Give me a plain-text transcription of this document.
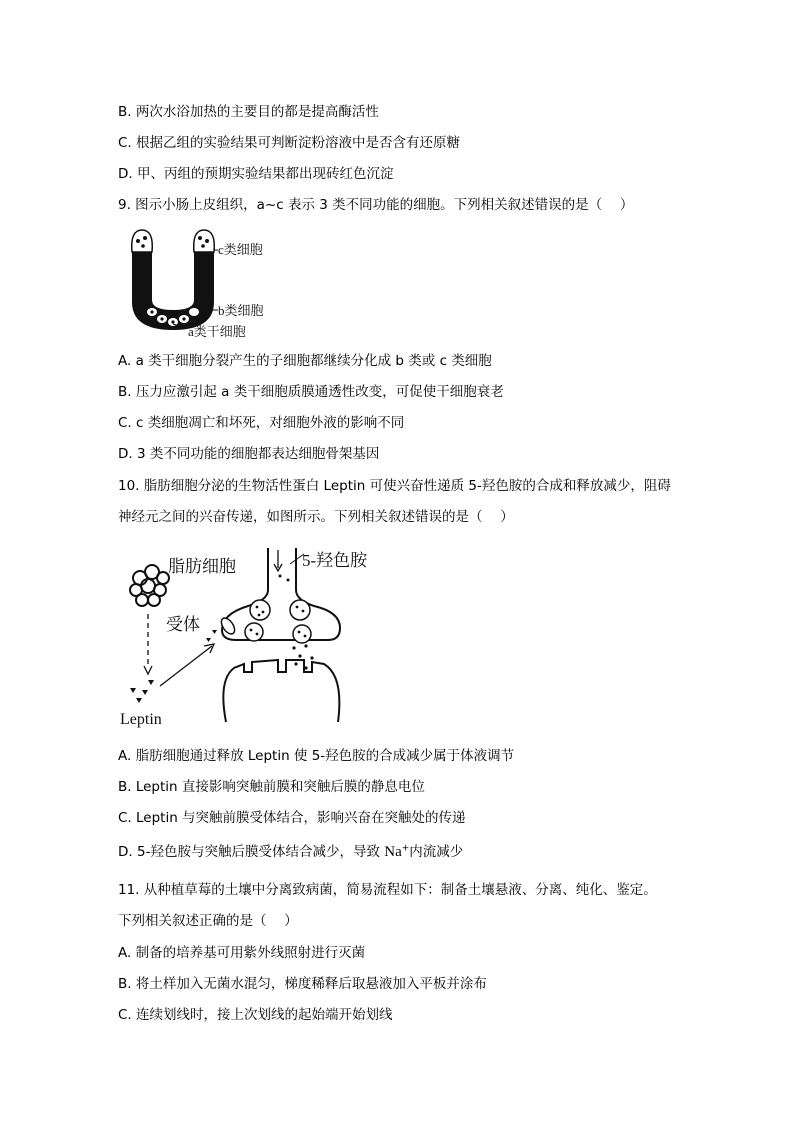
B. 两次水浴加热的主要目的都是提高酶活性
C. 根据乙组的实验结果可判断淀粉溶液中是否含有还原糖
D. 甲、丙组的预期实验结果都出现砖红色沉淀
9. 图示小肠上皮组织，a~c 表示 3 类不同功能的细胞。下列相关叙述错误的是（　 ）
c类细胞
b类细胞
a类干细胞
A. a 类干细胞分裂产生的子细胞都继续分化成 b 类或 c 类细胞
B. 压力应激引起 a 类干细胞质膜通透性改变，可促使干细胞衰老
C. c 类细胞凋亡和坏死，对细胞外液的影响不同
D. 3 类不同功能的细胞都表达细胞骨架基因
10. 脂肪细胞分泌的生物活性蛋白 Leptin 可使兴奋性递质 5-羟色胺的合成和释放减少，阻碍
神经元之间的兴奋传递，如图所示。下列相关叙述错误的是（　 ）
脂肪细胞
Leptin
受体
5-羟色胺
A. 脂肪细胞通过释放 Leptin 使 5-羟色胺的合成减少属于体液调节
B. Leptin 直接影响突触前膜和突触后膜的静息电位
C. Leptin 与突触前膜受体结合，影响兴奋在突触处的传递
D. 5-羟色胺与突触后膜受体结合减少，导致 Na+内流减少
11. 从种植草莓的土壤中分离致病菌，简易流程如下：制备土壤悬液、分离、纯化、鉴定。
下列相关叙述正确的是（　 ）
A. 制备的培养基可用紫外线照射进行灭菌
B. 将土样加入无菌水混匀，梯度稀释后取悬液加入平板并涂布
C. 连续划线时，接上次划线的起始端开始划线
